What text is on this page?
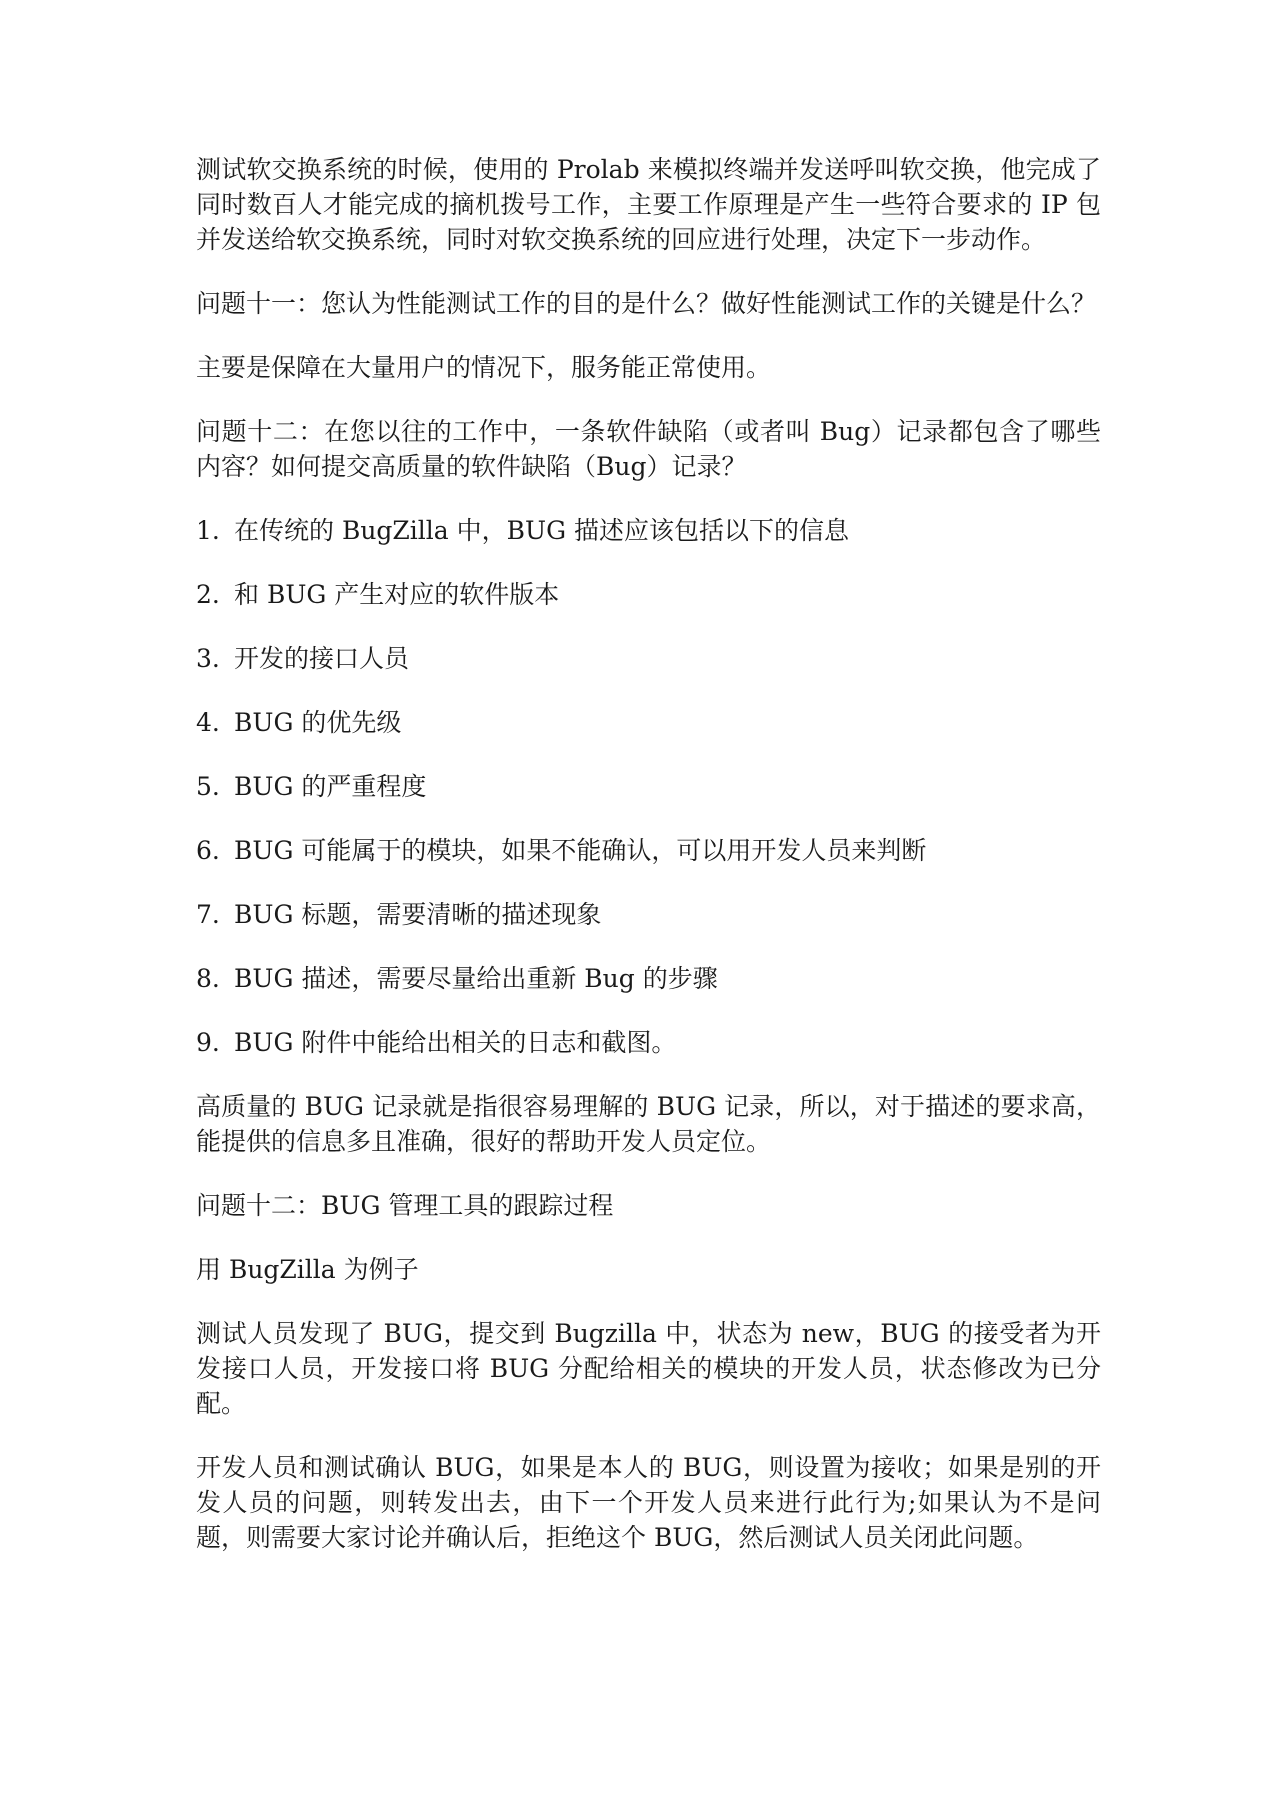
测试软交换系统的时候，使用的 Prolab 来模拟终端并发送呼叫软交换，他完成了同时数百人才能完成的摘机拨号工作，主要工作原理是产生一些符合要求的 IP 包并发送给软交换系统，同时对软交换系统的回应进行处理，决定下一步动作。

问题十一：您认为性能测试工作的目的是什么？做好性能测试工作的关键是什么？

主要是保障在大量用户的情况下，服务能正常使用。

问题十二：在您以往的工作中，一条软件缺陷（或者叫 Bug）记录都包含了哪些内容？如何提交高质量的软件缺陷（Bug）记录？

1. 在传统的 BugZilla 中，BUG 描述应该包括以下的信息
2. 和 BUG 产生对应的软件版本
3. 开发的接口人员
4. BUG 的优先级
5. BUG 的严重程度
6. BUG 可能属于的模块，如果不能确认，可以用开发人员来判断
7. BUG 标题，需要清晰的描述现象
8. BUG 描述，需要尽量给出重新 Bug 的步骤
9. BUG 附件中能给出相关的日志和截图。

高质量的 BUG 记录就是指很容易理解的 BUG 记录，所以，对于描述的要求高，能提供的信息多且准确，很好的帮助开发人员定位。

问题十二：BUG 管理工具的跟踪过程

用 BugZilla 为例子

测试人员发现了 BUG，提交到 Bugzilla 中，状态为 new，BUG 的接受者为开发接口人员，开发接口将 BUG 分配给相关的模块的开发人员，状态修改为已分配。

开发人员和测试确认 BUG，如果是本人的 BUG，则设置为接收；如果是别的开发人员的问题，则转发出去，由下一个开发人员来进行此行为;如果认为不是问题，则需要大家讨论并确认后，拒绝这个 BUG，然后测试人员关闭此问题。
